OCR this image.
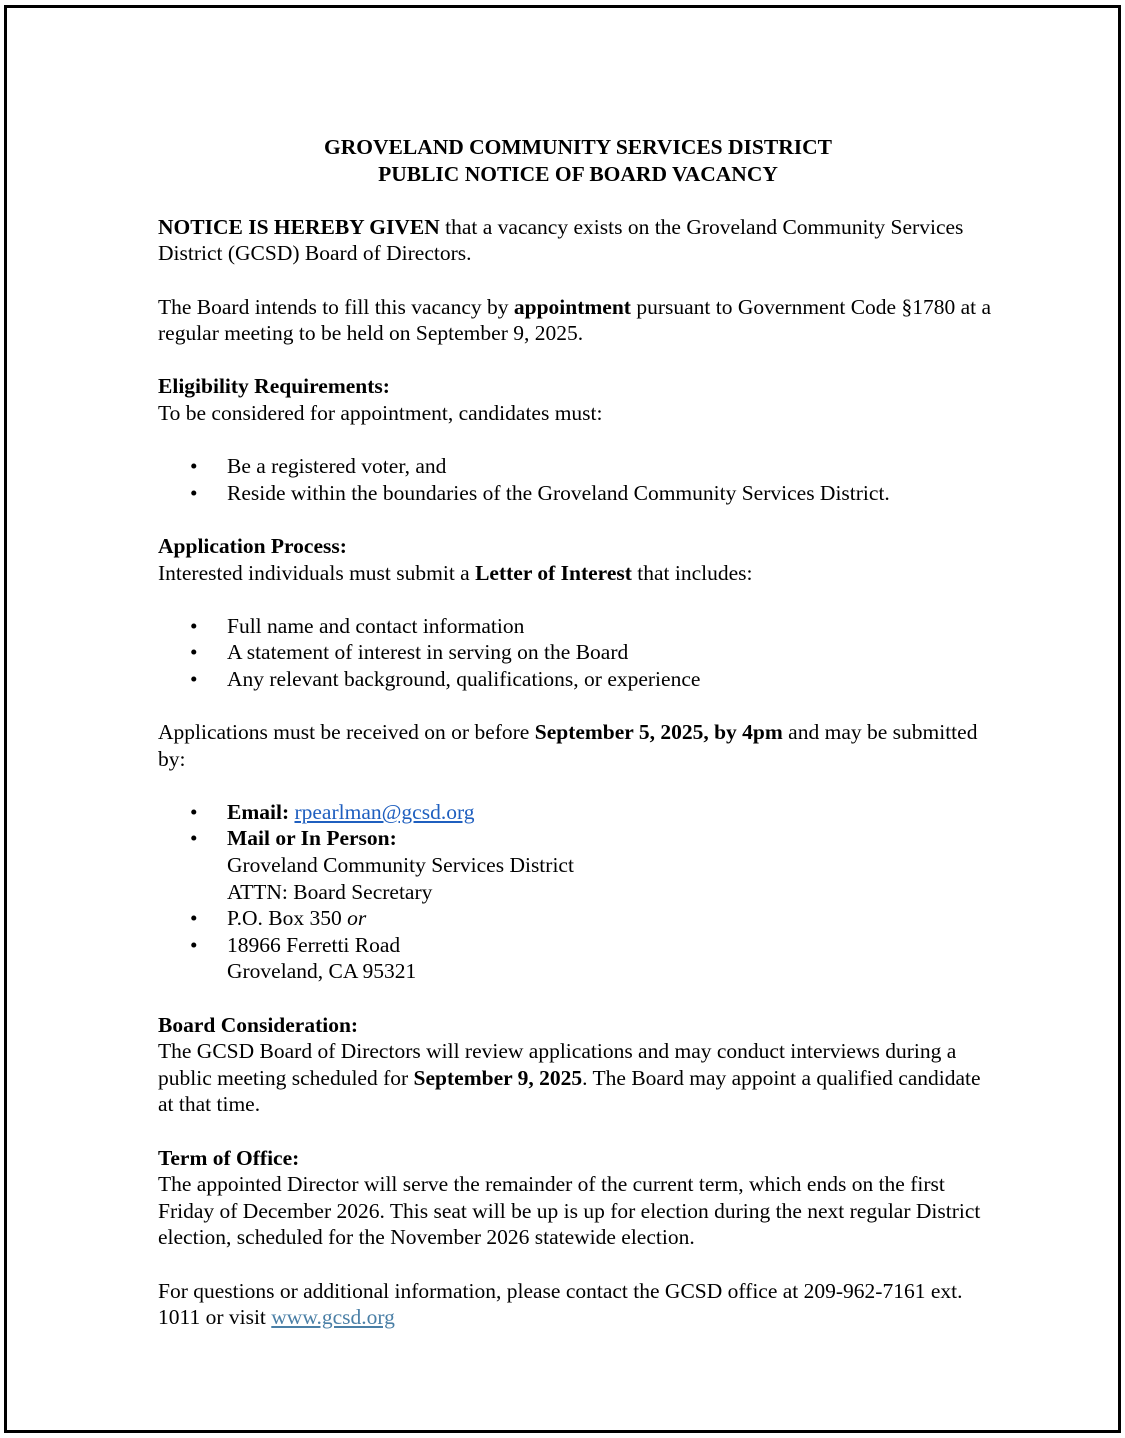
GROVELAND COMMUNITY SERVICES DISTRICT

PUBLIC NOTICE OF BOARD VACANCY

NOTICE IS HEREBY GIVEN that a vacancy exists on the Groveland Community Services District (GCSD) Board of Directors.

The Board intends to fill this vacancy by appointment pursuant to Government Code §1780 at a regular meeting to be held on September 9, 2025.

Eligibility Requirements:

To be considered for appointment, candidates must:

• Be a registered voter, and
• Reside within the boundaries of the Groveland Community Services District.

Application Process:

Interested individuals must submit a Letter of Interest that includes:

• Full name and contact information
• A statement of interest in serving on the Board
• Any relevant background, qualifications, or experience

Applications must be received on or before September 5, 2025, by 4pm and may be submitted by:

• Email: rpearlman@gcsd.org
• Mail or In Person:
Groveland Community Services District
ATTN: Board Secretary
• P.O. Box 350 or
• 18966 Ferretti Road
Groveland, CA 95321

Board Consideration:

The GCSD Board of Directors will review applications and may conduct interviews during a public meeting scheduled for September 9, 2025. The Board may appoint a qualified candidate at that time.

Term of Office:

The appointed Director will serve the remainder of the current term, which ends on the first Friday of December 2026. This seat will be up is up for election during the next regular District election, scheduled for the November 2026 statewide election.

For questions or additional information, please contact the GCSD office at 209-962-7161 ext. 1011 or visit www.gcsd.org
